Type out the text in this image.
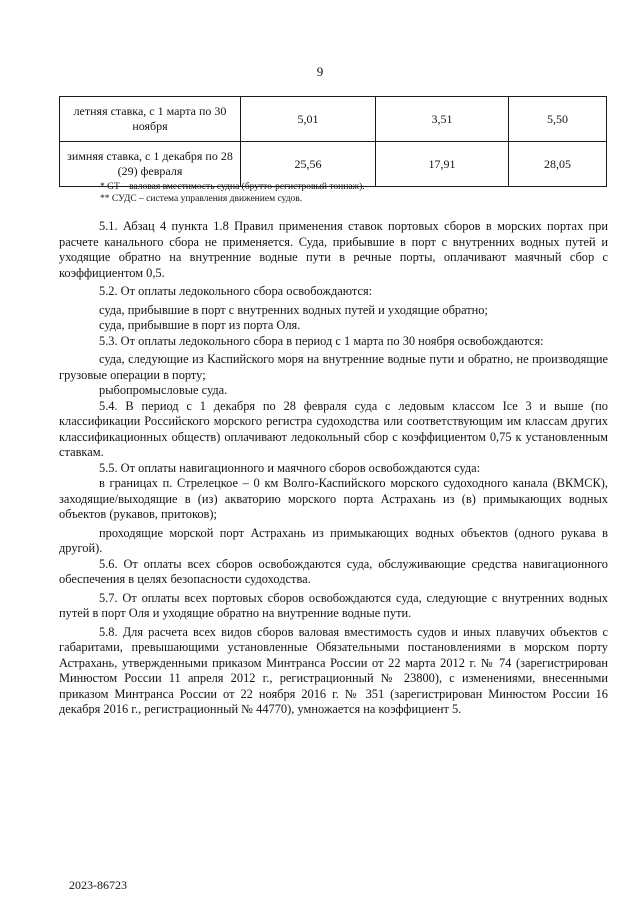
9
летняя ставка, с 1 марта по 30 ноября	5,01	3,51	5,50
зимняя ставка, с 1 декабря по 28 (29) февраля	25,56	17,91	28,05
* GT – валовая вместимость судна (брутто-регистровый тоннаж).
** СУДС – система управления движением судов.

5.1. Абзац 4 пункта 1.8 Правил применения ставок портовых сборов в морских портах при расчете канального сбора не применяется. Суда, прибывшие в порт с внутренних водных путей и уходящие обратно на внутренние водные пути в речные порты, оплачивают маячный сбор с коэффициентом 0,5.

5.2. От оплаты ледокольного сбора освобождаются:

суда, прибывшие в порт с внутренних водных путей и уходящие обратно;

суда, прибывшие в порт из порта Оля.

5.3. От оплаты ледокольного сбора в период с 1 марта по 30 ноября освобождаются:

суда, следующие из Каспийского моря на внутренние водные пути и обратно, не производящие грузовые операции в порту;

рыбопромысловые суда.

5.4. В период с 1 декабря по 28 февраля суда с ледовым классом Ice 3 и выше (по классификации Российского морского регистра судоходства или соответствующим им классам других классификационных обществ) оплачивают ледокольный сбор с коэффициентом 0,75 к установленным ставкам.

5.5. От оплаты навигационного и маячного сборов освобождаются суда:

в границах п. Стрелецкое – 0 км Волго-Каспийского морского судоходного канала (ВКМСК), заходящие/выходящие в (из) акваторию морского порта Астрахань из (в) примыкающих водных объектов (рукавов, притоков);

проходящие морской порт Астрахань из примыкающих водных объектов (одного рукава в другой).

5.6. От оплаты всех сборов освобождаются суда, обслуживающие средства навигационного обеспечения в целях безопасности судоходства.

5.7. От оплаты всех портовых сборов освобождаются суда, следующие с внутренних водных путей в порт Оля и уходящие обратно на внутренние водные пути.

5.8. Для расчета всех видов сборов валовая вместимость судов и иных плавучих объектов с габаритами, превышающими установленные Обязательными постановлениями в морском порту Астрахань, утвержденными приказом Минтранса России от 22 марта 2012 г. № 74 (зарегистрирован Минюстом России 11 апреля 2012 г., регистрационный № 23800), с изменениями, внесенными приказом Минтранса России от 22 ноября 2016 г. № 351 (зарегистрирован Минюстом России 16 декабря 2016 г., регистрационный № 44770), умножается на коэффициент 5.

2023-86723
